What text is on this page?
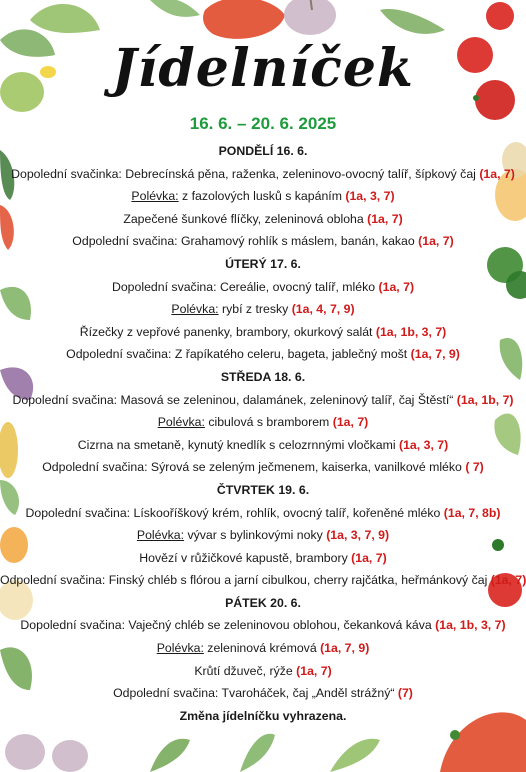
Jídelníček
16. 6. – 20. 6. 2025
PONDĚLÍ 16. 6.
Dopolední svačinka: Debrecínská pěna, raženka, zeleninovo-ovocný talíř, šípkový čaj (1a, 7)
Polévka: z fazolových lusků s kapáním (1a, 3, 7)
Zapečené šunkové flíčky, zeleninová obloha (1a, 7)
Odpolední svačina: Grahamový rohlík s máslem, banán, kakao (1a, 7)
ÚTERÝ 17. 6.
Dopolední svačina: Cereálie, ovocný talíř, mléko (1a, 7)
Polévka: rybí z tresky (1a, 4, 7, 9)
Řízečky z vepřové panenky, brambory, okurkový salát (1a, 1b, 3, 7)
Odpolední svačina: Z řapíkatého celeru, bageta, jablečný mošt (1a, 7, 9)
STŘEDA 18. 6.
Dopolední svačina: Masová se zeleninou, dalamánek, zeleninový talíř, čaj Štěstí“ (1a, 1b, 7)
Polévka: cibulová s bramborem (1a, 7)
Cizrna na smetaně, kynutý knedlík s celozrnnými vločkami (1a, 3, 7)
Odpolední svačina: Sýrová se zeleným ječmenem, kaiserka, vanilkové mléko ( 7)
ČTVRTEK 19. 6.
Dopolední svačina: Lískooříškový krém, rohlík, ovocný talíř, kořeněné mléko (1a, 7, 8b)
Polévka: vývar s bylinkovými noky (1a, 3, 7, 9)
Hovězí v růžičkové kapustě, brambory (1a, 7)
Odpolední svačina: Finský chléb s flórou a jarní cibulkou, cherry rajčátka, heřmánkový čaj (1a, 7)
PÁTEK 20. 6.
Dopolední svačina: Vaječný chléb se zeleninovou oblohou, čekanková káva (1a, 1b, 3, 7)
Polévka: zeleninová krémová (1a, 7, 9)
Krůtí džuveč, rýže (1a, 7)
Odpolední svačina: Tvaroháček, čaj „Anděl strážný“ (7)
Změna jídelníčku vyhrazena.
